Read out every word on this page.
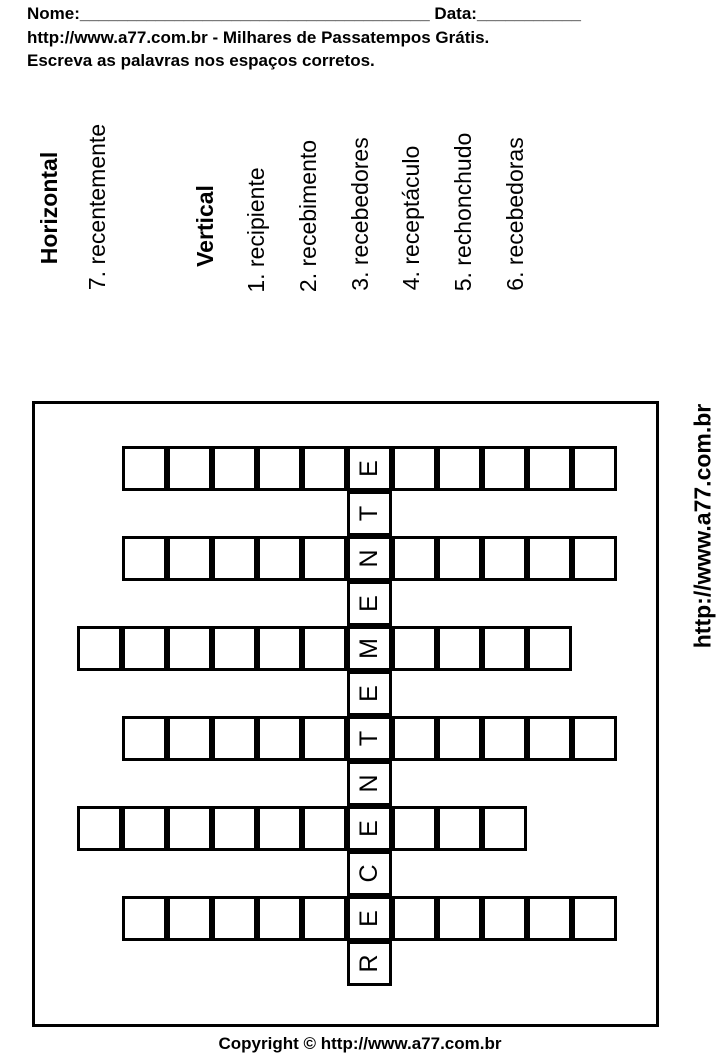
Nome:_____________________________________ Data:___________
http://www.a77.com.br - Milhares de Passatempos Grátis.
Escreva as palavras nos espaços corretos.
Horizontal
7. recentemente	Vertical
1. recipiente
2. recebimento
3. recebedores
4. receptáculo
5. rechonchudo
6. recebedoras
R
E
C
E
N
T
E
M
E
N
T
E	http://www.a77.com.br
Copyright © http://www.a77.com.br
